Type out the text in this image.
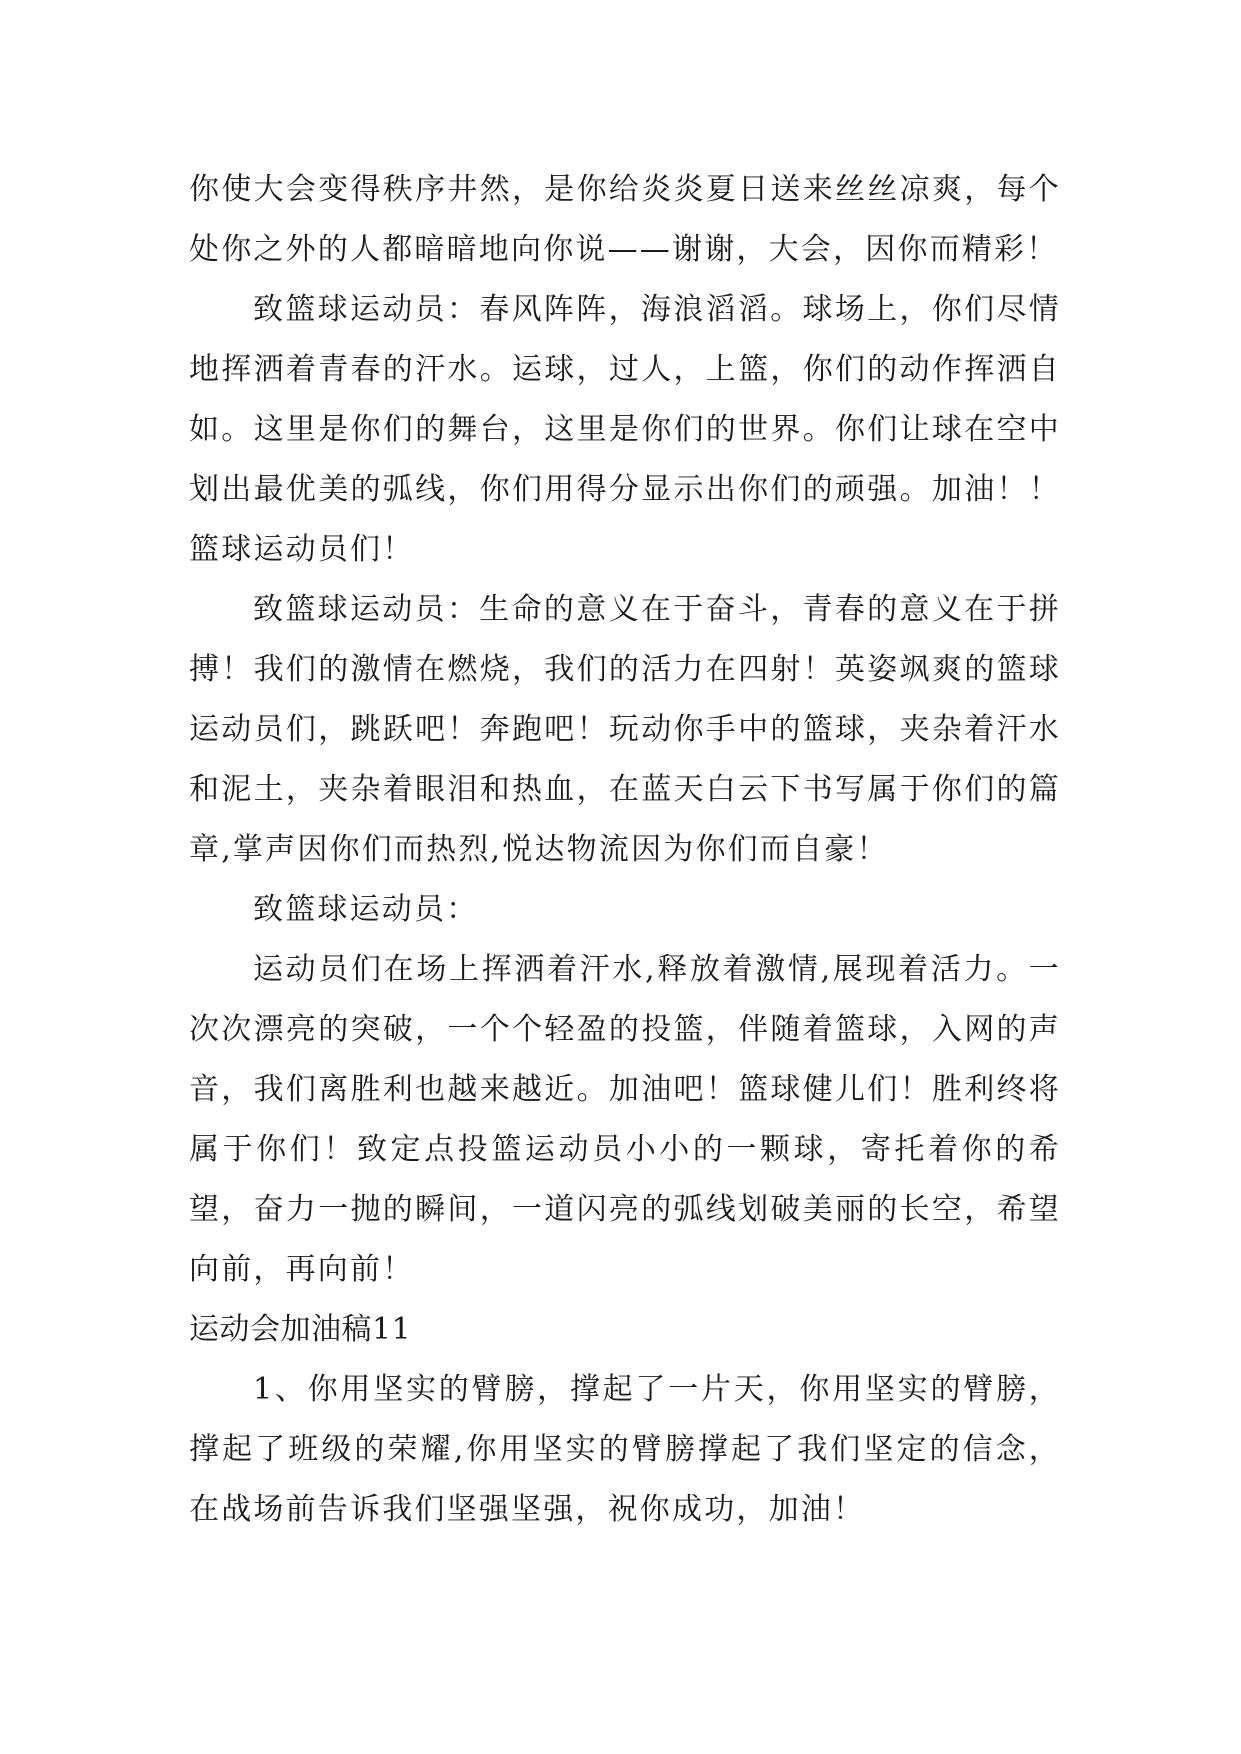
你使大会变得秩序井然，是你给炎炎夏日送来丝丝凉爽，每个处你之外的人都暗暗地向你说——谢谢，大会，因你而精彩！

致篮球运动员：春风阵阵，海浪滔滔。球场上，你们尽情地挥洒着青春的汗水。运球，过人，上篮，你们的动作挥洒自如。这里是你们的舞台，这里是你们的世界。你们让球在空中划出最优美的弧线，你们用得分显示出你们的顽强。加油！！篮球运动员们！

致篮球运动员：生命的意义在于奋斗，青春的意义在于拼搏！我们的激情在燃烧，我们的活力在四射！英姿飒爽的篮球运动员们，跳跃吧！奔跑吧！玩动你手中的篮球，夹杂着汗水和泥土，夹杂着眼泪和热血，在蓝天白云下书写属于你们的篇章,掌声因你们而热烈,悦达物流因为你们而自豪！

致篮球运动员：

运动员们在场上挥洒着汗水,释放着激情,展现着活力。一次次漂亮的突破，一个个轻盈的投篮，伴随着篮球，入网的声音，我们离胜利也越来越近。加油吧！篮球健儿们！胜利终将属于你们！致定点投篮运动员小小的一颗球，寄托着你的希望，奋力一抛的瞬间，一道闪亮的弧线划破美丽的长空，希望向前，再向前！

运动会加油稿11

1、你用坚实的臂膀，撑起了一片天，你用坚实的臂膀，撑起了班级的荣耀,你用坚实的臂膀撑起了我们坚定的信念，在战场前告诉我们坚强坚强，祝你成功，加油！
